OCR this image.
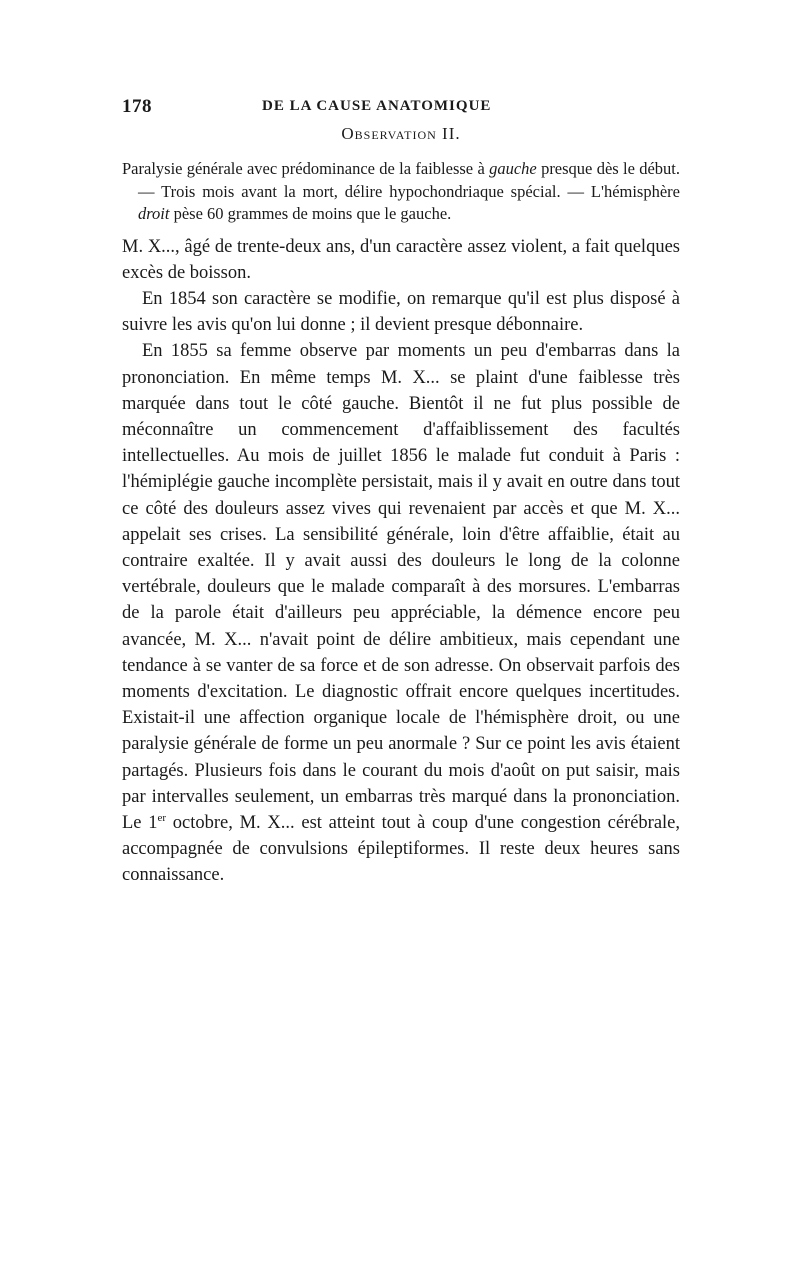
178	DE LA CAUSE ANATOMIQUE
Observation II.
Paralysie générale avec prédominance de la faiblesse à gauche presque dès le début. — Trois mois avant la mort, délire hypochondriaque spécial. — L'hémisphère droit pèse 60 grammes de moins que le gauche.

M. X..., âgé de trente-deux ans, d'un caractère assez violent, a fait quelques excès de boisson.

En 1854 son caractère se modifie, on remarque qu'il est plus disposé à suivre les avis qu'on lui donne ; il devient presque débonnaire.

En 1855 sa femme observe par moments un peu d'embarras dans la prononciation. En même temps M. X... se plaint d'une faiblesse très marquée dans tout le côté gauche. Bientôt il ne fut plus possible de méconnaître un commencement d'affaiblissement des facultés intellectuelles. Au mois de juillet 1856 le malade fut conduit à Paris : l'hémiplégie gauche incomplète persistait, mais il y avait en outre dans tout ce côté des douleurs assez vives qui revenaient par accès et que M. X... appelait ses crises. La sensibilité générale, loin d'être affaiblie, était au contraire exaltée. Il y avait aussi des douleurs le long de la colonne vertébrale, douleurs que le malade comparaît à des morsures. L'embarras de la parole était d'ailleurs peu appréciable, la démence encore peu avancée, M. X... n'avait point de délire ambitieux, mais cependant une tendance à se vanter de sa force et de son adresse. On observait parfois des moments d'excitation. Le diagnostic offrait encore quelques incertitudes. Existait-il une affection organique locale de l'hémisphère droit, ou une paralysie générale de forme un peu anormale ? Sur ce point les avis étaient partagés. Plusieurs fois dans le courant du mois d'août on put saisir, mais par intervalles seulement, un embarras très marqué dans la prononciation. Le 1er octobre, M. X... est atteint tout à coup d'une congestion cérébrale, accompagnée de convulsions épileptiformes. Il reste deux heures sans connaissance.
